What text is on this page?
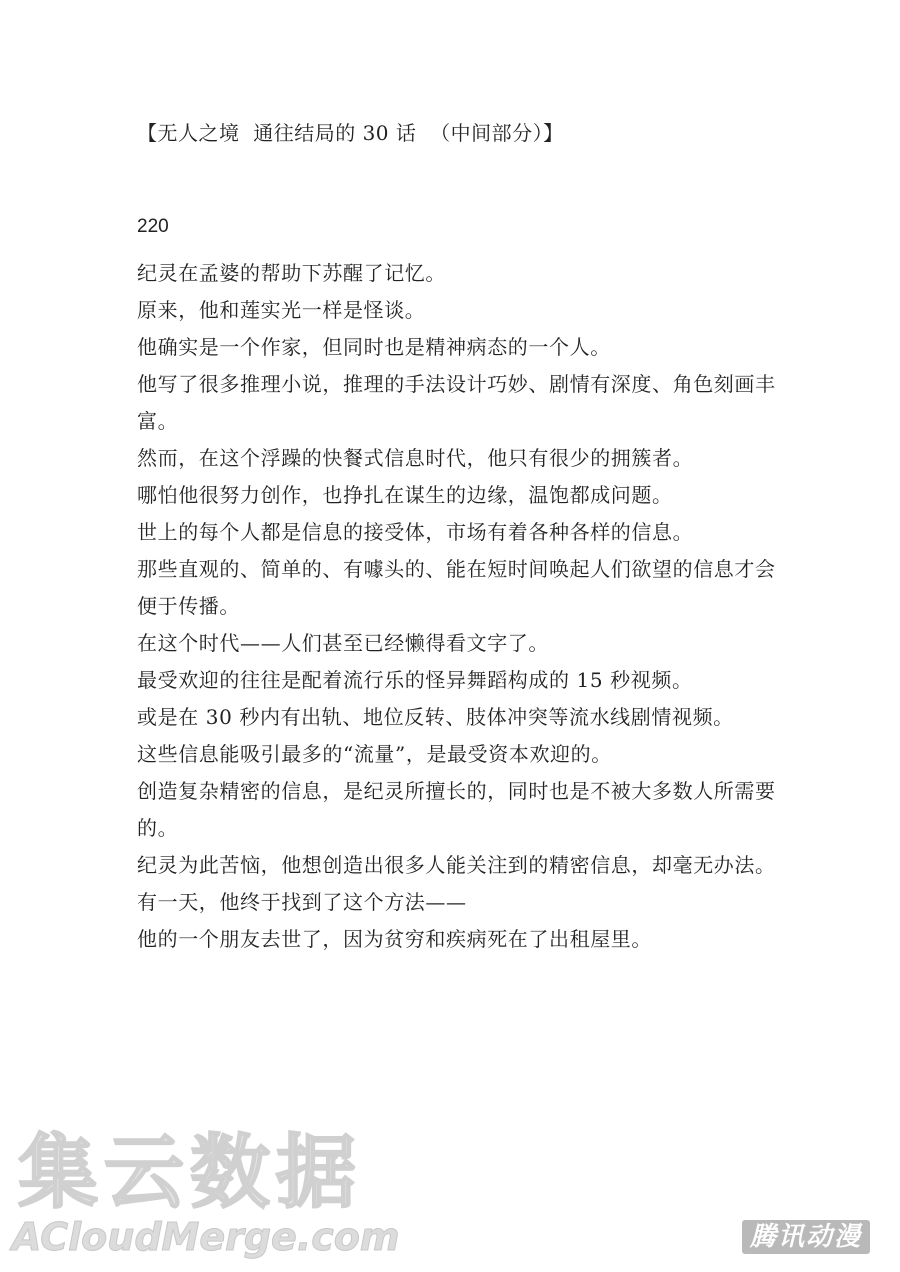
【无人之境  通往结局的 30 话  （中间部分）】
220
纪灵在孟婆的帮助下苏醒了记忆。
原来，他和莲实光一样是怪谈。
他确实是一个作家，但同时也是精神病态的一个人。
他写了很多推理小说，推理的手法设计巧妙、剧情有深度、角色刻画丰富。
然而，在这个浮躁的快餐式信息时代，他只有很少的拥簇者。
哪怕他很努力创作，也挣扎在谋生的边缘，温饱都成问题。
世上的每个人都是信息的接受体，市场有着各种各样的信息。
那些直观的、简单的、有噱头的、能在短时间唤起人们欲望的信息才会便于传播。
在这个时代——人们甚至已经懒得看文字了。
最受欢迎的往往是配着流行乐的怪异舞蹈构成的 15 秒视频。
或是在 30 秒内有出轨、地位反转、肢体冲突等流水线剧情视频。
这些信息能吸引最多的“流量”，是最受资本欢迎的。
创造复杂精密的信息，是纪灵所擅长的，同时也是不被大多数人所需要的。
纪灵为此苦恼，他想创造出很多人能关注到的精密信息，却毫无办法。
有一天，他终于找到了这个方法——
他的一个朋友去世了，因为贫穷和疾病死在了出租屋里。
集云数据
ACloudMerge.com	腾讯动漫
